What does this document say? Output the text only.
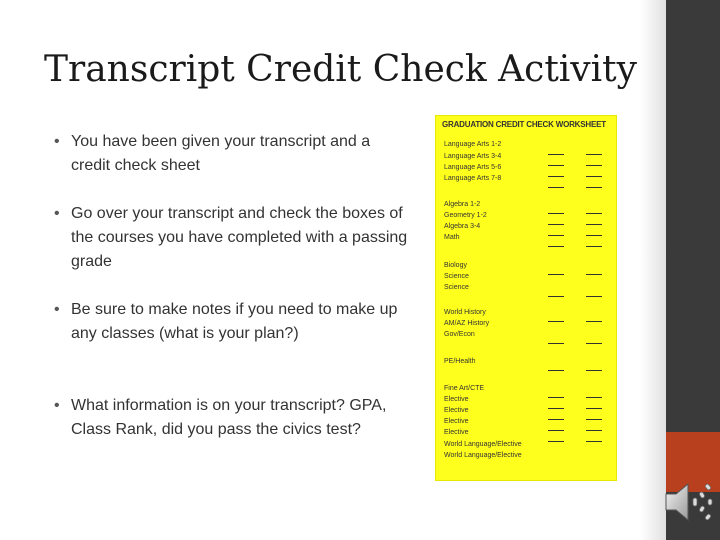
Transcript Credit Check Activity
• You have been given your transcript and a credit check sheet
• Go over your transcript and check the boxes of the courses you have completed with a passing grade
• Be sure to make notes if you need to make up any classes (what is your plan?)
• What information is on your transcript? GPA, Class Rank, did you pass the civics test?
GRADUATION CREDIT CHECK WORKSHEET
Language Arts 1-2
Language Arts 3-4
Language Arts 5-6
Language Arts 7-8
Algebra 1-2
Geometry 1-2
Algebra 3-4
Math
Biology
Science
Science
World History
AM/AZ History
Gov/Econ
PE/Health
Fine Art/CTE
Elective
Elective
Elective
Elective
World Language/Elective
World Language/Elective
